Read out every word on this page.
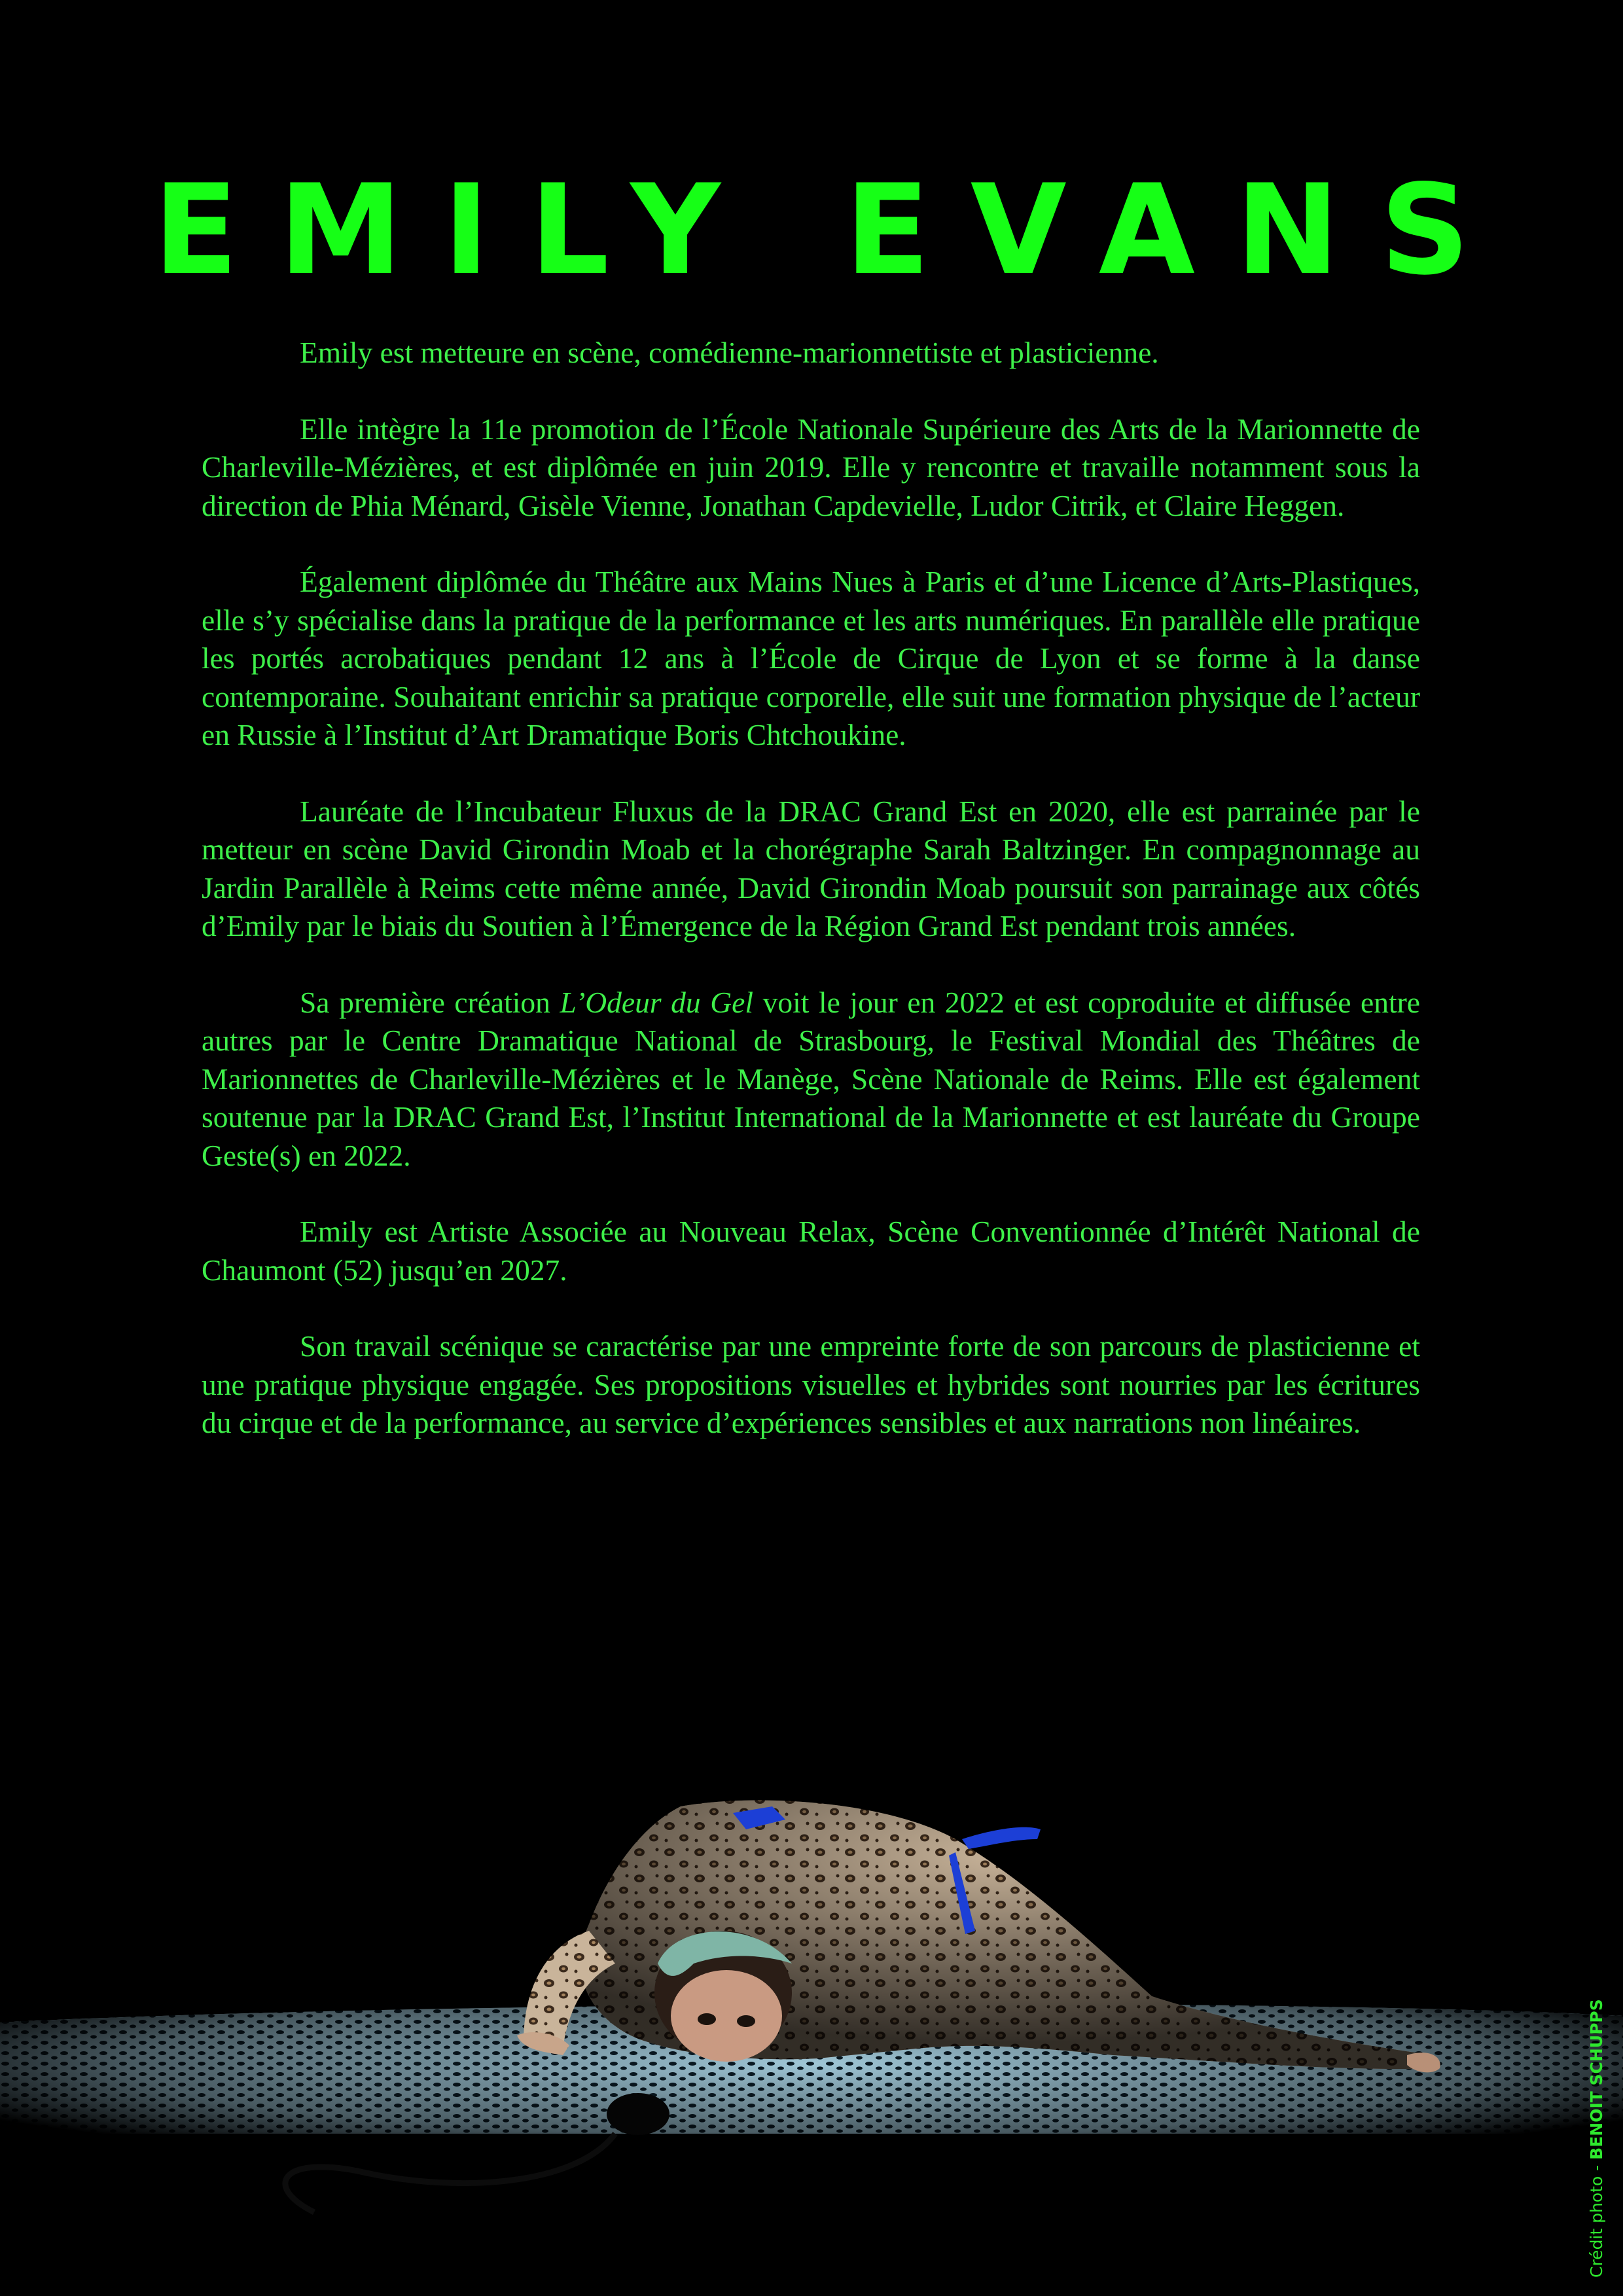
EMILY EVANS

Emily est metteure en scène, comédienne-marionnettiste et plasticienne.

Elle intègre la 11e promotion de l’École Nationale Supérieure des Arts de la Marionnette de Charleville-Mézières, et est diplômée en juin 2019. Elle y rencontre et travaille notamment sous la direction de Phia Ménard, Gisèle Vienne, Jonathan Capdevielle, Ludor Citrik, et Claire Heggen.

Également diplômée du Théâtre aux Mains Nues à Paris et d’une Licence d’Arts-Plastiques, elle s’y spécialise dans la pratique de la performance et les arts numériques. En parallèle elle pratique les portés acrobatiques pendant 12 ans à l’École de Cirque de Lyon et se forme à la danse contemporaine. Souhaitant enrichir sa pratique corporelle, elle suit une formation physique de l’acteur en Russie à l’Institut d’Art Dramatique Boris Chtchoukine.

Lauréate de l’Incubateur Fluxus de la DRAC Grand Est en 2020, elle est parrainée par le metteur en scène David Girondin Moab et la chorégraphe Sarah Baltzinger. En compagnonnage au Jardin Parallèle à Reims cette même année, David Girondin Moab poursuit son parrainage aux côtés d’Emily par le biais du Soutien à l’Émergence de la Région Grand Est pendant trois années.

Sa première création L’Odeur du Gel voit le jour en 2022 et est coproduite et diffusée entre autres par le Centre Dramatique National de Strasbourg, le Festival Mondial des Théâtres de Marionnettes de Charleville-Mézières et le Manège, Scène Nationale de Reims. Elle est également soutenue par la DRAC Grand Est, l’Institut International de la Marionnette et est lauréate du Groupe Geste(s) en 2022.

Emily est Artiste Associée au Nouveau Relax, Scène Conventionnée d’Intérêt National de Chaumont (52) jusqu’en 2027.

Son travail scénique se caractérise par une empreinte forte de son parcours de plasticienne et une pratique physique engagée. Ses propositions visuelles et hybrides sont nourries par les écritures du cirque et de la performance, au service d’expériences sensibles et aux narrations non linéaires.

Crédit photo - BENOIT SCHUPPS
